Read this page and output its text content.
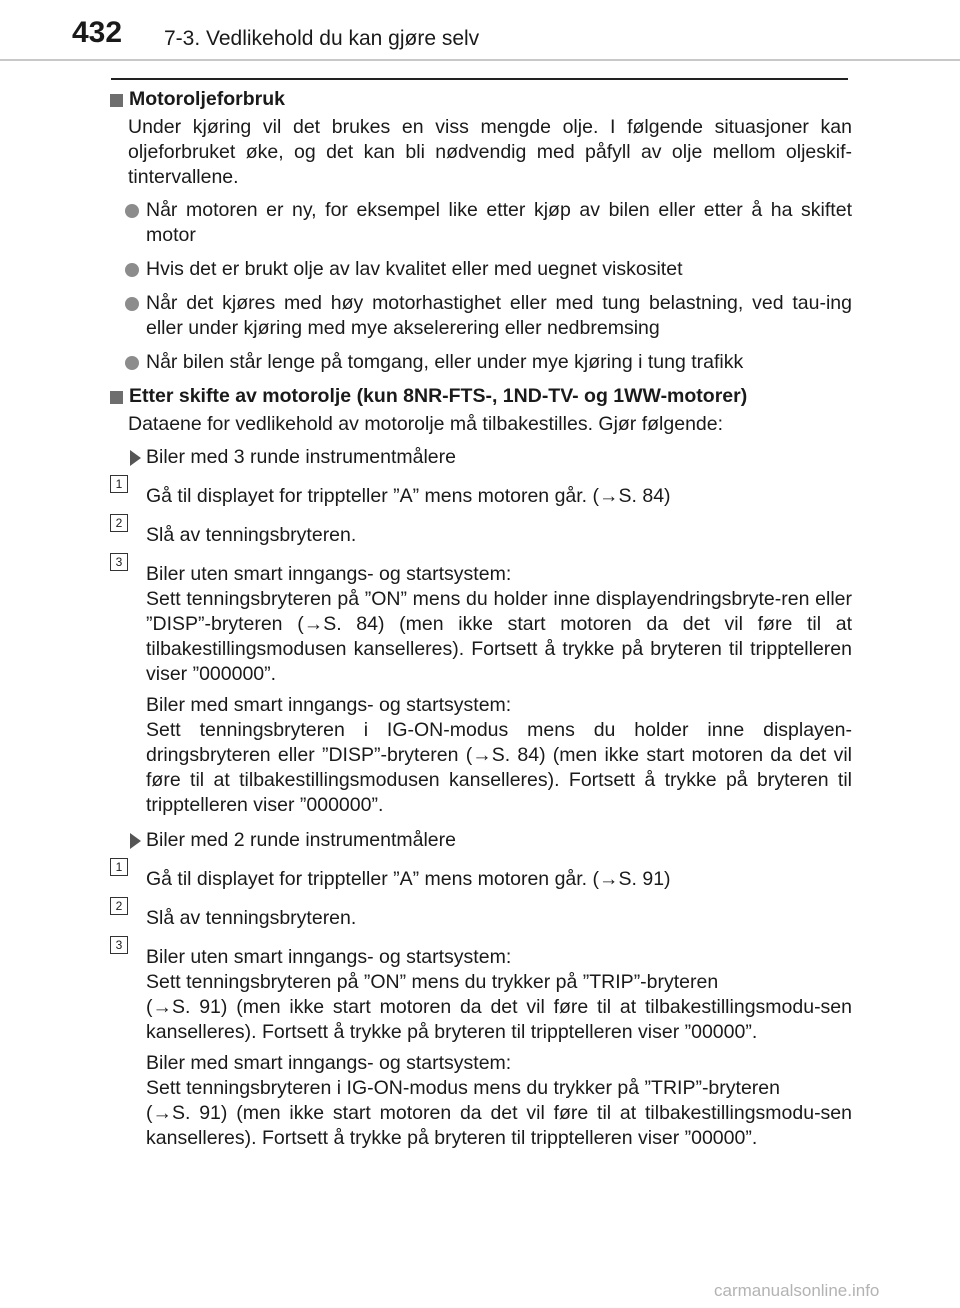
432 7-3. Vedlikehold du kan gjøre selv
Motoroljeforbruk
Under kjøring vil det brukes en viss mengde olje. I følgende situasjoner kan oljeforbruket øke, og det kan bli nødvendig med påfyll av olje mellom oljeskif-tintervallene.
Når motoren er ny, for eksempel like etter kjøp av bilen eller etter å ha skiftet motor
Hvis det er brukt olje av lav kvalitet eller med uegnet viskositet
Når det kjøres med høy motorhastighet eller med tung belastning, ved tau-ing eller under kjøring med mye akselerering eller nedbremsing
Når bilen står lenge på tomgang, eller under mye kjøring i tung trafikk
Etter skifte av motorolje (kun 8NR-FTS-, 1ND-TV- og 1WW-motorer)
Dataene for vedlikehold av motorolje må tilbakestilles. Gjør følgende:
Biler med 3 runde instrumentmålere
1
Gå til displayet for trippteller ”A” mens motoren går. (→S. 84)
2
Slå av tenningsbryteren.
3
Biler uten smart inngangs- og startsystem:
Sett tenningsbryteren på ”ON” mens du holder inne displayendringsbryte-ren eller ”DISP”-bryteren (→S. 84) (men ikke start motoren da det vil føre til at tilbakestillingsmodusen kanselleres). Fortsett å trykke på bryteren til tripptelleren viser ”000000”.
Biler med smart inngangs- og startsystem:
Sett tenningsbryteren i IG-ON-modus mens du holder inne displayen-dringsbryteren eller ”DISP”-bryteren (→S. 84) (men ikke start motoren da det vil føre til at tilbakestillingsmodusen kanselleres). Fortsett å trykke på bryteren til tripptelleren viser ”000000”.
Biler med 2 runde instrumentmålere
1
Gå til displayet for trippteller ”A” mens motoren går. (→S. 91)
2
Slå av tenningsbryteren.
3
Biler uten smart inngangs- og startsystem:
Sett tenningsbryteren på ”ON” mens du trykker på ”TRIP”-bryteren
(→S. 91) (men ikke start motoren da det vil føre til at tilbakestillingsmodu-sen kanselleres). Fortsett å trykke på bryteren til tripptelleren viser ”00000”.
Biler med smart inngangs- og startsystem:
Sett tenningsbryteren i IG-ON-modus mens du trykker på ”TRIP”-bryteren
(→S. 91) (men ikke start motoren da det vil føre til at tilbakestillingsmodu-sen kanselleres). Fortsett å trykke på bryteren til tripptelleren viser ”00000”.
carmanualsonline.info
